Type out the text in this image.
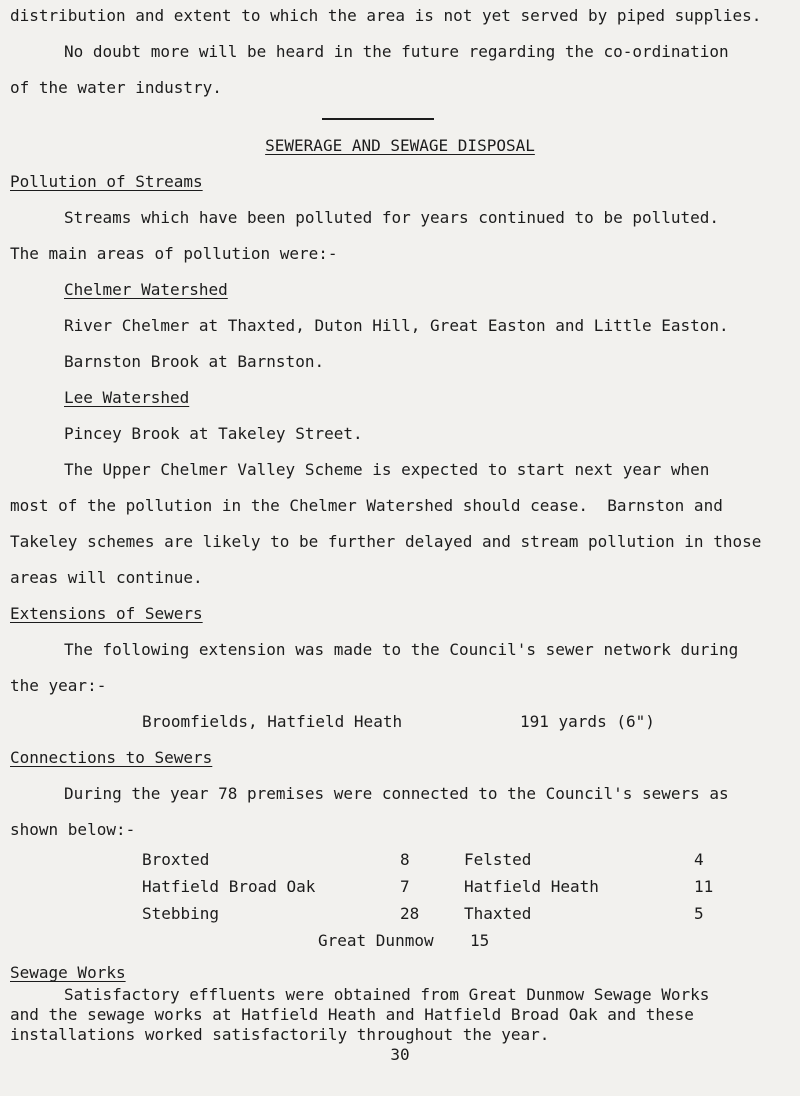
distribution and extent to which the area is not yet served by piped supplies.
No doubt more will be heard in the future regarding the co-ordination
of the water industry.
SEWERAGE AND SEWAGE DISPOSAL
Pollution of Streams
Streams which have been polluted for years continued to be polluted.
The main areas of pollution were:-
Chelmer Watershed
River Chelmer at Thaxted, Duton Hill, Great Easton and Little Easton.
Barnston Brook at Barnston.
Lee Watershed
Pincey Brook at Takeley Street.
The Upper Chelmer Valley Scheme is expected to start next year when
most of the pollution in the Chelmer Watershed should cease.  Barnston and
Takeley schemes are likely to be further delayed and stream pollution in those
areas will continue.
Extensions of Sewers
The following extension was made to the Council's sewer network during
the year:-
Broomfields, Hatfield Heath	191 yards (6")
Connections to Sewers
During the year 78 premises were connected to the Council's sewers as
shown below:-
Broxted	8	Felsted	4
Hatfield Broad Oak	7	Hatfield Heath	11
Stebbing	28	Thaxted	5
Great Dunmow 15
Sewage Works
Satisfactory effluents were obtained from Great Dunmow Sewage Works
and the sewage works at Hatfield Heath and Hatfield Broad Oak and these
installations worked satisfactorily throughout the year.
30
